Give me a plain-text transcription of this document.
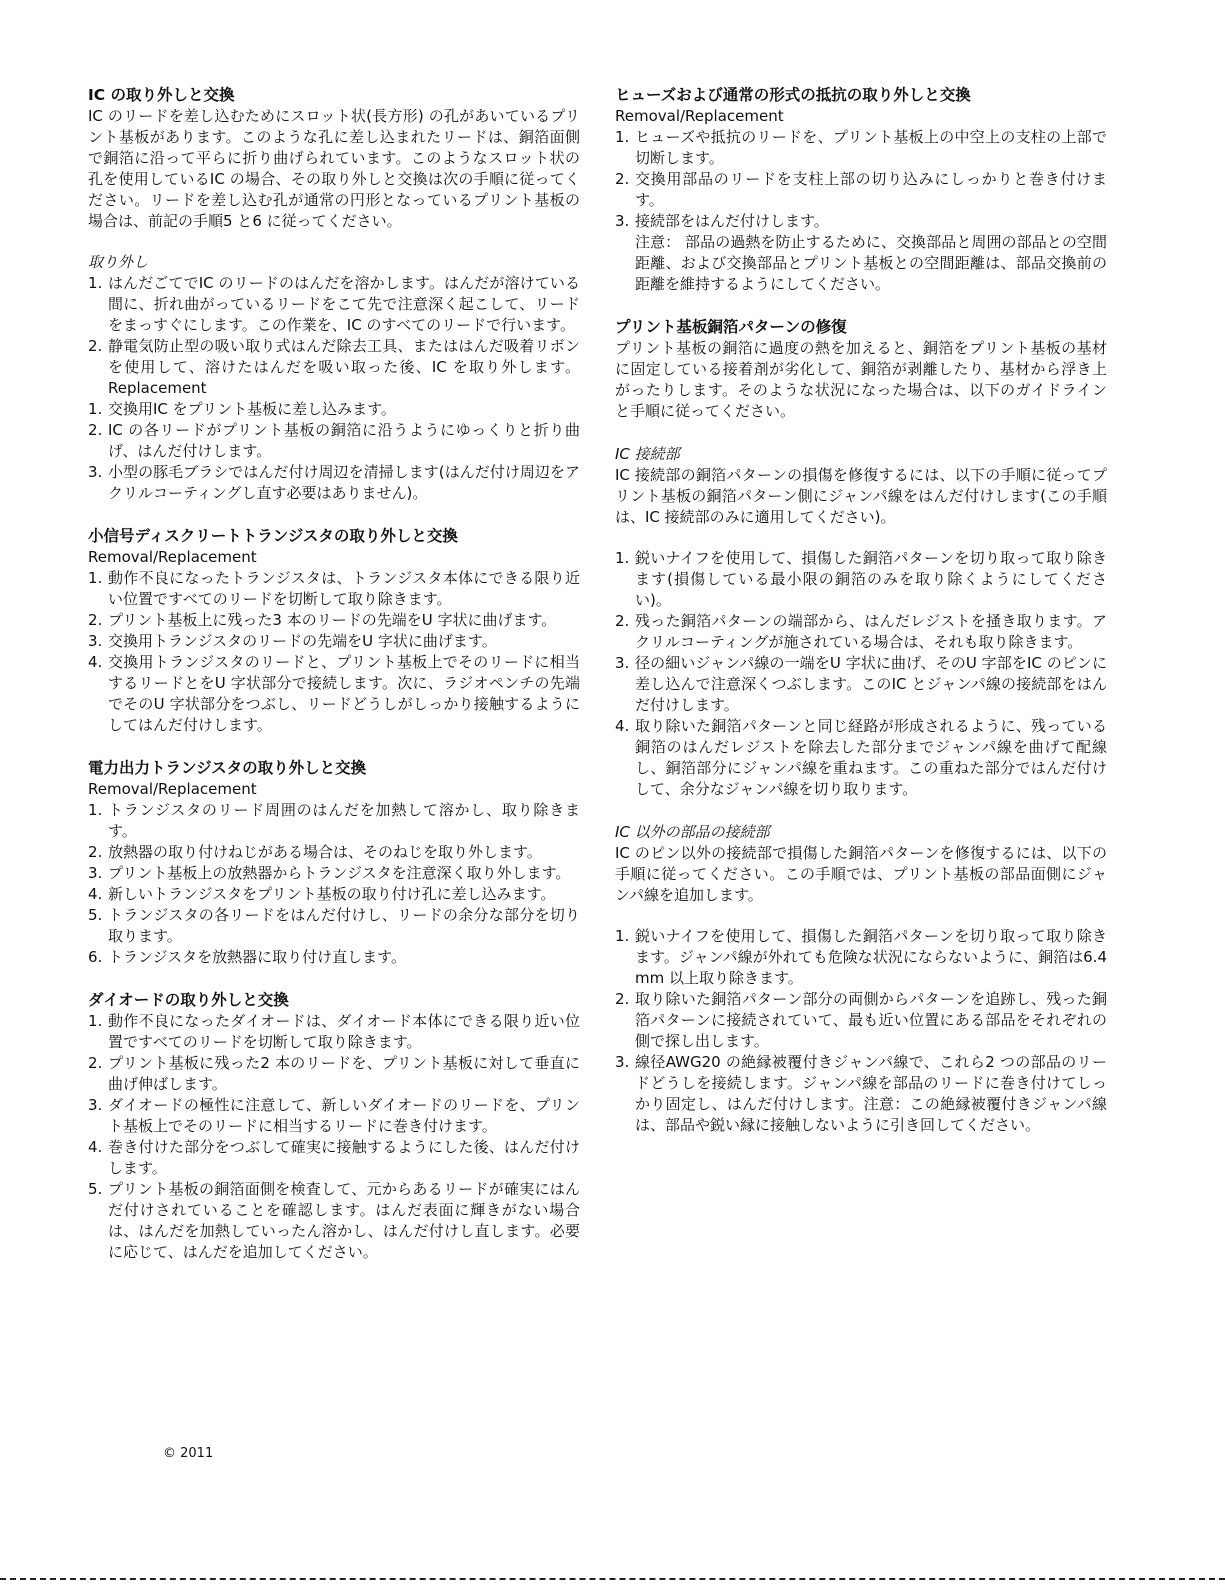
IC の取り外しと交換

IC のリードを差し込むためにスロット状(長方形) の孔があいているプリント基板があります。このような孔に差し込まれたリードは、銅箔面側で銅箔に沿って平らに折り曲げられています。このようなスロット状の孔を使用しているIC の場合、その取り外しと交換は次の手順に従ってください。リードを差し込む孔が通常の円形となっているプリント基板の場合は、前記の手順5 と6 に従ってください。

取り外し
1. はんだごてでIC のリードのはんだを溶かします。はんだが溶けている間に、折れ曲がっているリードをこて先で注意深く起こして、リードをまっすぐにします。この作業を、IC のすべてのリードで行います。
2. 静電気防止型の吸い取り式はんだ除去工具、またははんだ吸着リボンを使用して、溶けたはんだを吸い取った後、IC を取り外します。Replacement
1. 交換用IC をプリント基板に差し込みます。
2. IC の各リードがプリント基板の銅箔に沿うようにゆっくりと折り曲げ、はんだ付けします。
3. 小型の豚毛ブラシではんだ付け周辺を清掃します(はんだ付け周辺をアクリルコーティングし直す必要はありません)。
小信号ディスクリートトランジスタの取り外しと交換
Removal/Replacement
1. 動作不良になったトランジスタは、トランジスタ本体にできる限り近い位置ですべてのリードを切断して取り除きます。
2. プリント基板上に残った3 本のリードの先端をU 字状に曲げます。
3. 交換用トランジスタのリードの先端をU 字状に曲げます。
4. 交換用トランジスタのリードと、プリント基板上でそのリードに相当するリードとをU 字状部分で接続します。次に、ラジオペンチの先端でそのU 字状部分をつぶし、リードどうしがしっかり接触するようにしてはんだ付けします。
電力出力トランジスタの取り外しと交換
Removal/Replacement
1. トランジスタのリード周囲のはんだを加熱して溶かし、取り除きます。
2. 放熱器の取り付けねじがある場合は、そのねじを取り外します。
3. プリント基板上の放熱器からトランジスタを注意深く取り外します。
4. 新しいトランジスタをプリント基板の取り付け孔に差し込みます。
5. トランジスタの各リードをはんだ付けし、リードの余分な部分を切り取ります。
6. トランジスタを放熱器に取り付け直します。
ダイオードの取り外しと交換
1. 動作不良になったダイオードは、ダイオード本体にできる限り近い位置ですべてのリードを切断して取り除きます。
2. プリント基板に残った2 本のリードを、プリント基板に対して垂直に曲げ伸ばします。
3. ダイオードの極性に注意して、新しいダイオードのリードを、プリント基板上でそのリードに相当するリードに巻き付けます。
4. 巻き付けた部分をつぶして確実に接触するようにした後、はんだ付けします。
5. プリント基板の銅箔面側を検査して、元からあるリードが確実にはんだ付けされていることを確認します。はんだ表面に輝きがない場合は、はんだを加熱していったん溶かし、はんだ付けし直します。必要に応じて、はんだを追加してください。
ヒューズおよび通常の形式の抵抗の取り外しと交換
Removal/Replacement
1. ヒューズや抵抗のリードを、プリント基板上の中空上の支柱の上部で切断します。
2. 交換用部品のリードを支柱上部の切り込みにしっかりと巻き付けます。
3. 接続部をはんだ付けします。

注意： 部品の過熱を防止するために、交換部品と周囲の部品との空間距離、および交換部品とプリント基板との空間距離は、部品交換前の距離を維持するようにしてください。

プリント基板銅箔パターンの修復

プリント基板の銅箔に過度の熱を加えると、銅箔をプリント基板の基材に固定している接着剤が劣化して、銅箔が剥離したり、基材から浮き上がったりします。そのような状況になった場合は、以下のガイドラインと手順に従ってください。

IC 接続部

IC 接続部の銅箔パターンの損傷を修復するには、以下の手順に従ってプリント基板の銅箔パターン側にジャンパ線をはんだ付けします(この手順は、IC 接続部のみに適用してください)。

1. 鋭いナイフを使用して、損傷した銅箔パターンを切り取って取り除きます(損傷している最小限の銅箔のみを取り除くようにしてください)。
2. 残った銅箔パターンの端部から、はんだレジストを掻き取ります。アクリルコーティングが施されている場合は、それも取り除きます。
3. 径の細いジャンパ線の一端をU 字状に曲げ、そのU 字部をIC のピンに差し込んで注意深くつぶします。このIC とジャンパ線の接続部をはんだ付けします。
4. 取り除いた銅箔パターンと同じ経路が形成されるように、残っている銅箔のはんだレジストを除去した部分までジャンパ線を曲げて配線し、銅箔部分にジャンパ線を重ねます。この重ねた部分ではんだ付けして、余分なジャンパ線を切り取ります。
IC 以外の部品の接続部

IC のピン以外の接続部で損傷した銅箔パターンを修復するには、以下の手順に従ってください。この手順では、プリント基板の部品面側にジャンパ線を追加します。

1. 鋭いナイフを使用して、損傷した銅箔パターンを切り取って取り除きます。ジャンパ線が外れても危険な状況にならないように、銅箔は6.4 mm 以上取り除きます。
2. 取り除いた銅箔パターン部分の両側からパターンを追跡し、残った銅箔パターンに接続されていて、最も近い位置にある部品をそれぞれの側で探し出します。
3. 線径AWG20 の絶縁被覆付きジャンパ線で、これら2 つの部品のリードどうしを接続します。ジャンパ線を部品のリードに巻き付けてしっかり固定し、はんだ付けします。注意：この絶縁被覆付きジャンパ線は、部品や鋭い縁に接触しないように引き回してください。
© 2011
